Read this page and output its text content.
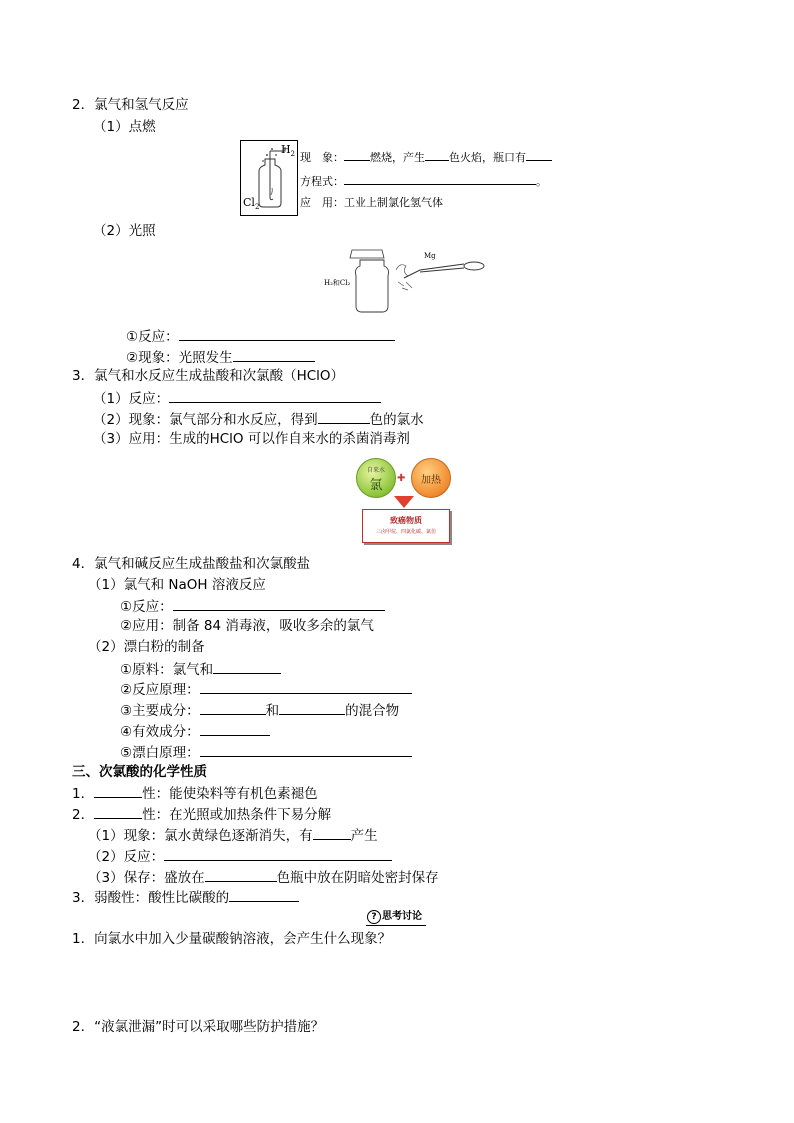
2．氯气和氢气反应
（1）点燃
$H_2$
$Cl_2$
现　象： 燃烧，产生 色火焰，瓶口有
方程式：	。
应　用：工业上制氯化氢气体
（2）光照
H₂和Cl₂
Mg
①反应：
②现象：光照发生
3．氯气和水反应生成盐酸和次氯酸（HClO）
（1）反应：
（2）现象：氯气部分和水反应，得到	色的氯水
（3）应用：生成的HClO 可以作自来水的杀菌消毒剂
自来水
氯	✚	加热
致癌物质
三卤甲烷、四氯化碳、氯仿
4．氯气和碱反应生成盐酸盐和次氯酸盐
（1）氯气和 NaOH 溶液反应
①反应：
②应用：制备 84 消毒液，吸收多余的氯气
（2）漂白粉的制备
①原料：氯气和
②反应原理：
③主要成分：	和	的混合物
④有效成分：
⑤漂白原理：
三、次氯酸的化学性质
1．	性：能使染料等有机色素褪色
2．	性：在光照或加热条件下易分解
（1）现象：氯水黄绿色逐渐消失，有	产生
（2）反应：
（3）保存：盛放在	色瓶中放在阴暗处密封保存
3．弱酸性：酸性比碳酸的
? 思考讨论
1．向氯水中加入少量碳酸钠溶液，会产生什么现象？
2．“液氯泄漏”时可以采取哪些防护措施？
